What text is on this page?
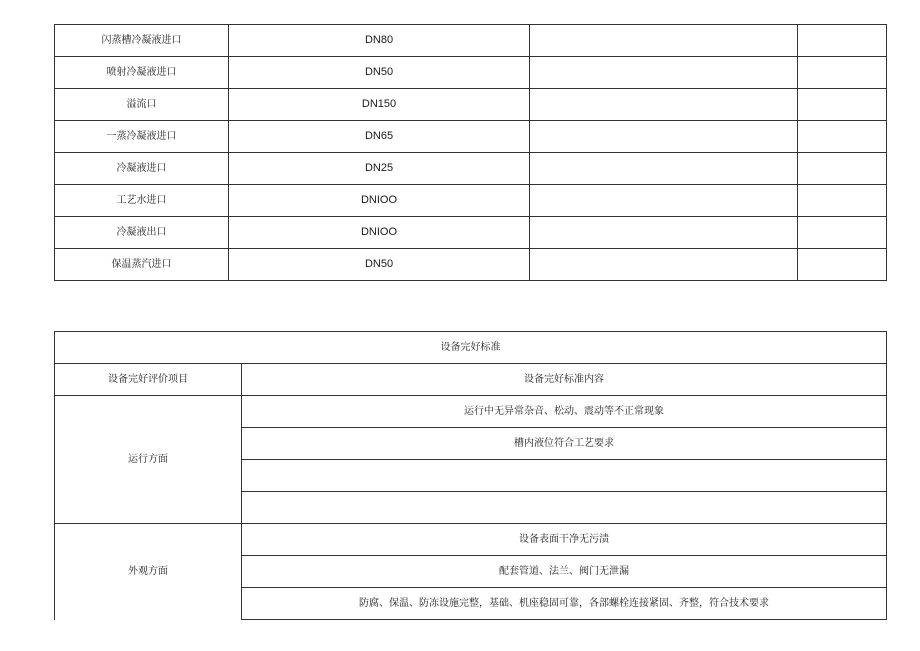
闪蒸槽冷凝液进口	DN80		
喷射冷凝液进口	DN50		
溢流口	DN150		
一蒸冷凝液进口	DN65		
冷凝液进口	DN25		
工艺水进口	DNIOO		
冷凝液出口	DNIOO		
保温蒸汽进口	DN50		
设备完好标准	
设备完好评价项目	设备完好标准内容
运行方面	运行中无异常杂音、松动、震动等不正常现象
	槽内液位符合工艺要求

外观方面	设备表面干净无污渍
	配套管道、法兰、阀门无泄漏
	防腐、保温、防冻设施完整，基础、机座稳固可靠，各部螺栓连接紧固、齐整，符合技术要求
